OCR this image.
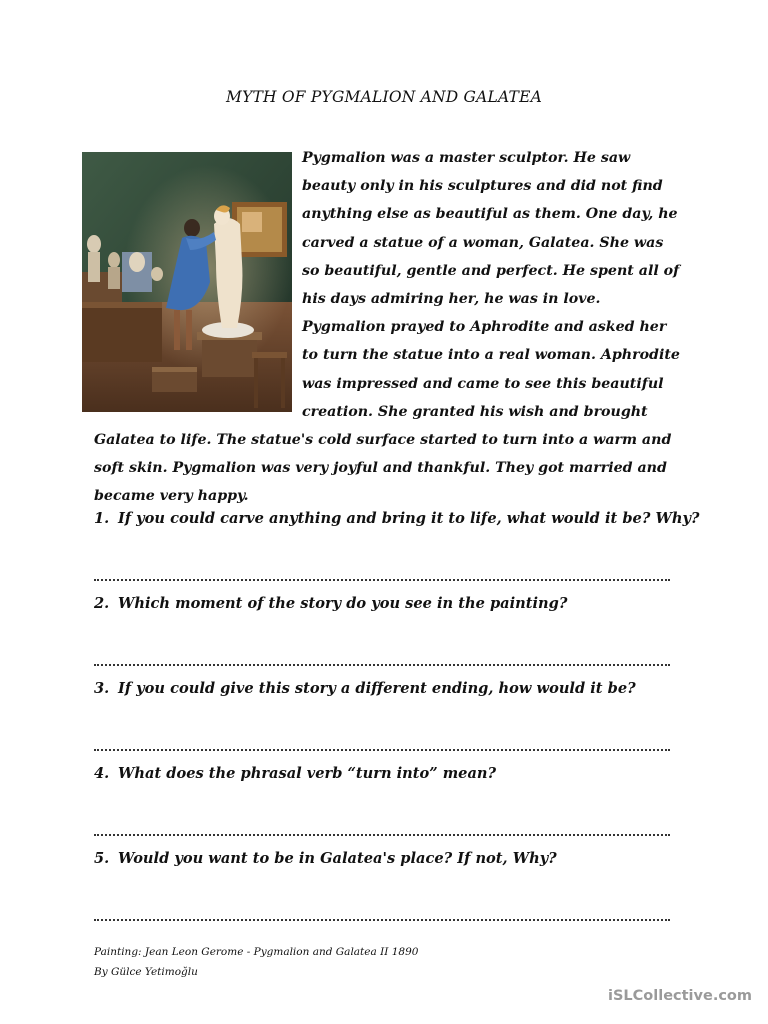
MYTH OF PYGMALION AND GALATEA
Pygmalion was a master sculptor. He saw beauty only in his sculptures and did not find anything else as beautiful as them. One day, he carved a statue of a woman, Galatea. She was so beautiful, gentle and perfect. He spent all of his days admiring her, he was in love. Pygmalion prayed to Aphrodite and asked her to turn the statue into a real woman. Aphrodite was impressed and came to see this beautiful creation. She granted his wish and brought Galatea to life. The statue's cold surface started to turn into a warm and soft skin. Pygmalion was very joyful and thankful. They got married and became very happy.
1. If you could carve anything and bring it to life, what would it be? Why?
2. Which moment of the story do you see in the painting?
3. If you could give this story a different ending, how would it be?
4. What does the phrasal verb “turn into” mean?
5. Would you want to be in Galatea's place? If not, Why?
Painting: Jean Leon Gerome - Pygmalion and Galatea II 1890
By Gülce Yetimoğlu
iSLCollective.com
